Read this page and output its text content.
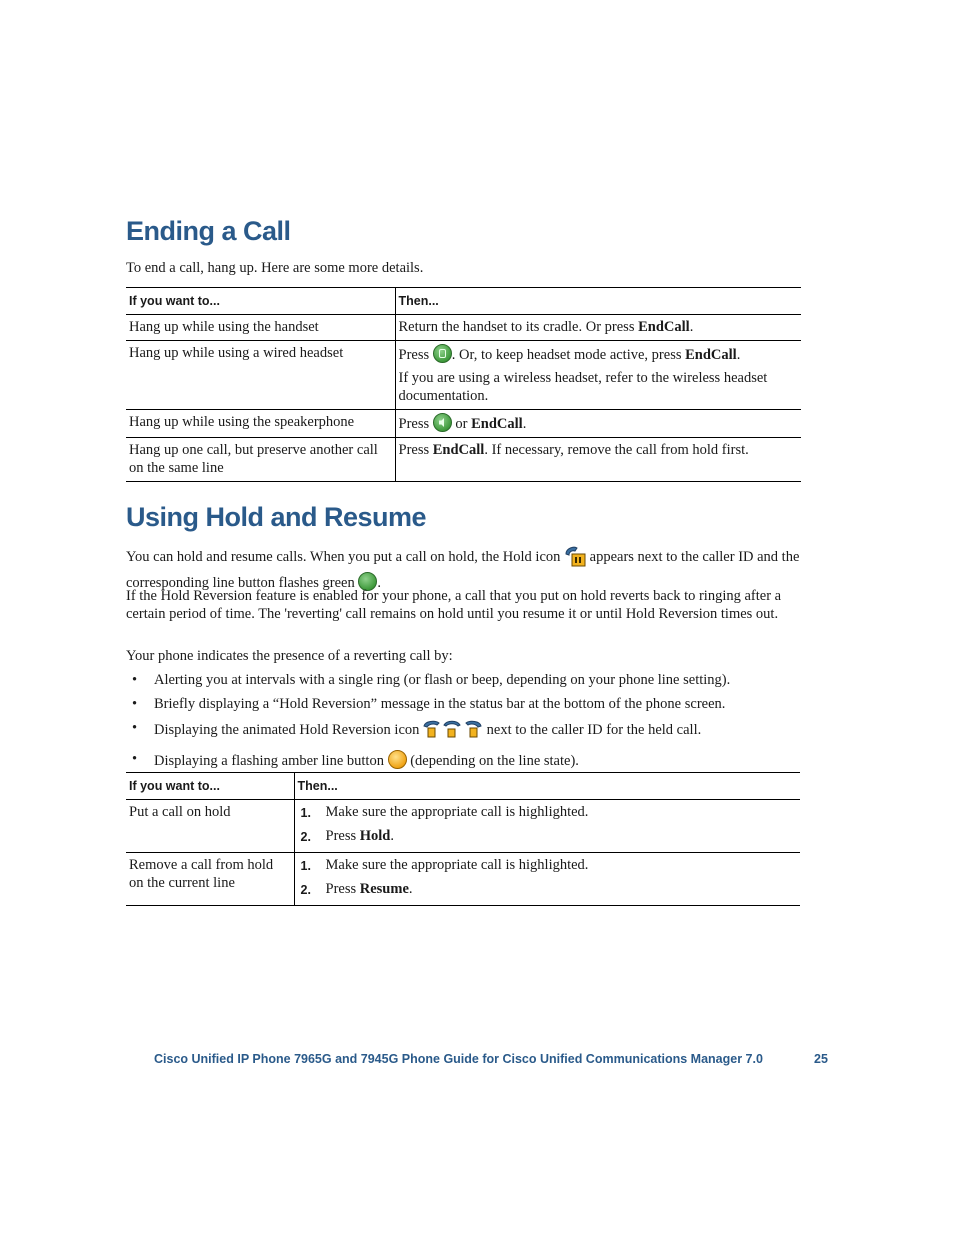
Ending a Call

To end a call, hang up. Here are some more details.

If you want to...	Then...
Hang up while using the handset	Return the handset to its cradle. Or press EndCall.
Hang up while using a wired headset	Press
. Or, to keep headset mode active, press EndCall.
If you are using a wireless headset, refer to the wireless headset documentation.

Hang up while using the speakerphone	Press
or EndCall.
Hang up one call, but preserve another call on the same line	Press EndCall. If necessary, remove the call from hold first.
Using Hold and Resume

You can hold and resume calls. When you put a call on hold, the Hold icon  appears next to the caller ID and the corresponding line button flashes green .

If the Hold Reversion feature is enabled for your phone, a call that you put on hold reverts back to ringing after a certain period of time. The 'reverting' call remains on hold until you resume it or until Hold Reversion times out.

Your phone indicates the presence of a reverting call by:

• Alerting you at intervals with a single ring (or flash or beep, depending on your phone line setting).
• Briefly displaying a “Hold Reversion” message in the status bar at the bottom of the phone screen.
• Displaying the animated Hold Reversion icon	next to the caller ID for the held call.
• Displaying a flashing amber line button  (depending on the line state).
If you want to...	Then...
Put a call on hold	1. Make sure the appropriate call is highlighted.
2. Press Hold.

Remove a call from hold on the current line	1. Make sure the appropriate call is highlighted.
2. Press Resume.
Cisco Unified IP Phone 7965G and 7945G Phone Guide for Cisco Unified Communications Manager 7.0	25
